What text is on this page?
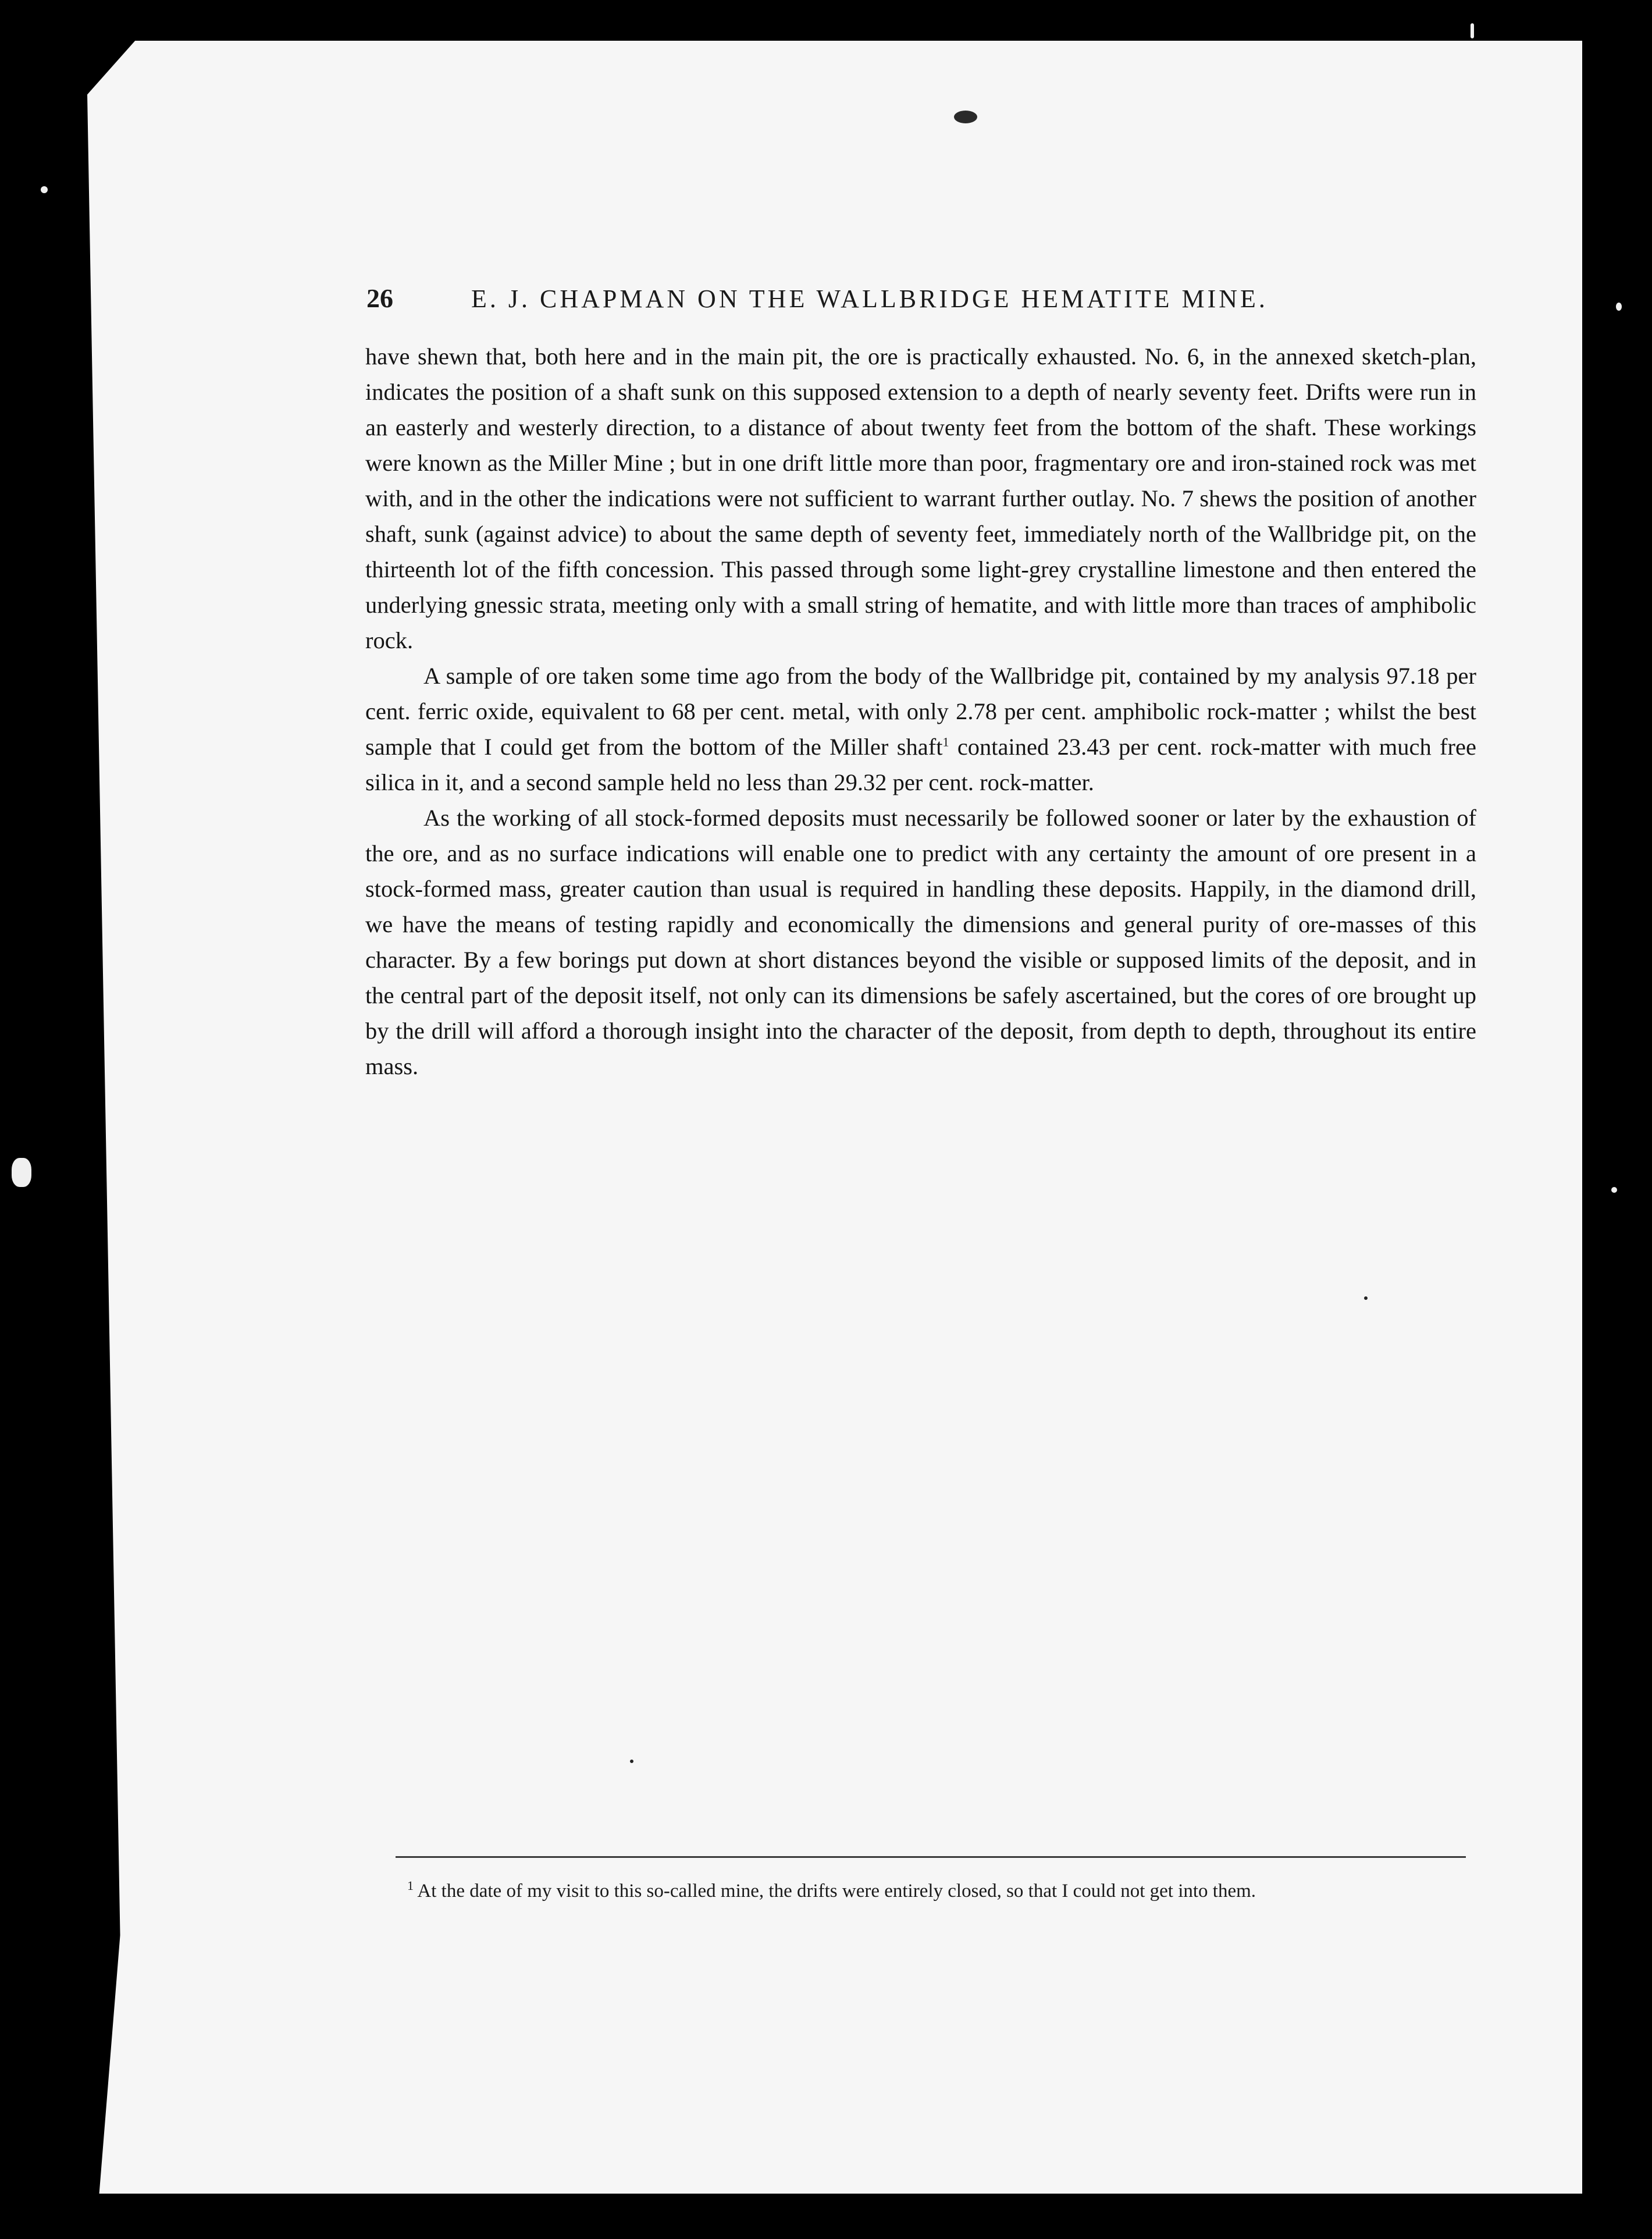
26	E. J. CHAPMAN ON THE WALLBRIDGE HEMATITE MINE.

have shewn that, both here and in the main pit, the ore is practically exhausted. No. 6, in the annexed sketch-plan, indicates the position of a shaft sunk on this supposed extension to a depth of nearly seventy feet. Drifts were run in an easterly and westerly direction, to a distance of about twenty feet from the bottom of the shaft. These workings were known as the Miller Mine ; but in one drift little more than poor, fragmentary ore and iron-stained rock was met with, and in the other the indications were not sufficient to warrant further outlay. No. 7 shews the position of another shaft, sunk (against advice) to about the same depth of seventy feet, immediately north of the Wallbridge pit, on the thirteenth lot of the fifth concession. This passed through some light-grey crystalline limestone and then entered the underlying gnessic strata, meeting only with a small string of hematite, and with little more than traces of amphibolic rock.

A sample of ore taken some time ago from the body of the Wallbridge pit, contained by my analysis 97.18 per cent. ferric oxide, equivalent to 68 per cent. metal, with only 2.78 per cent. amphibolic rock-matter ; whilst the best sample that I could get from the bottom of the Miller shaft$^1$ contained 23.43 per cent. rock-matter with much free silica in it, and a second sample held no less than 29.32 per cent. rock-matter.

As the working of all stock-formed deposits must necessarily be followed sooner or later by the exhaustion of the ore, and as no surface indications will enable one to predict with any certainty the amount of ore present in a stock-formed mass, greater caution than usual is required in handling these deposits. Happily, in the diamond drill, we have the means of testing rapidly and economically the dimensions and general purity of ore-masses of this character. By a few borings put down at short distances beyond the visible or supposed limits of the deposit, and in the central part of the deposit itself, not only can its dimensions be safely ascertained, but the cores of ore brought up by the drill will afford a thorough insight into the character of the deposit, from depth to depth, throughout its entire mass.

$^1$ At the date of my visit to this so-called mine, the drifts were entirely closed, so that I could not get into them.
